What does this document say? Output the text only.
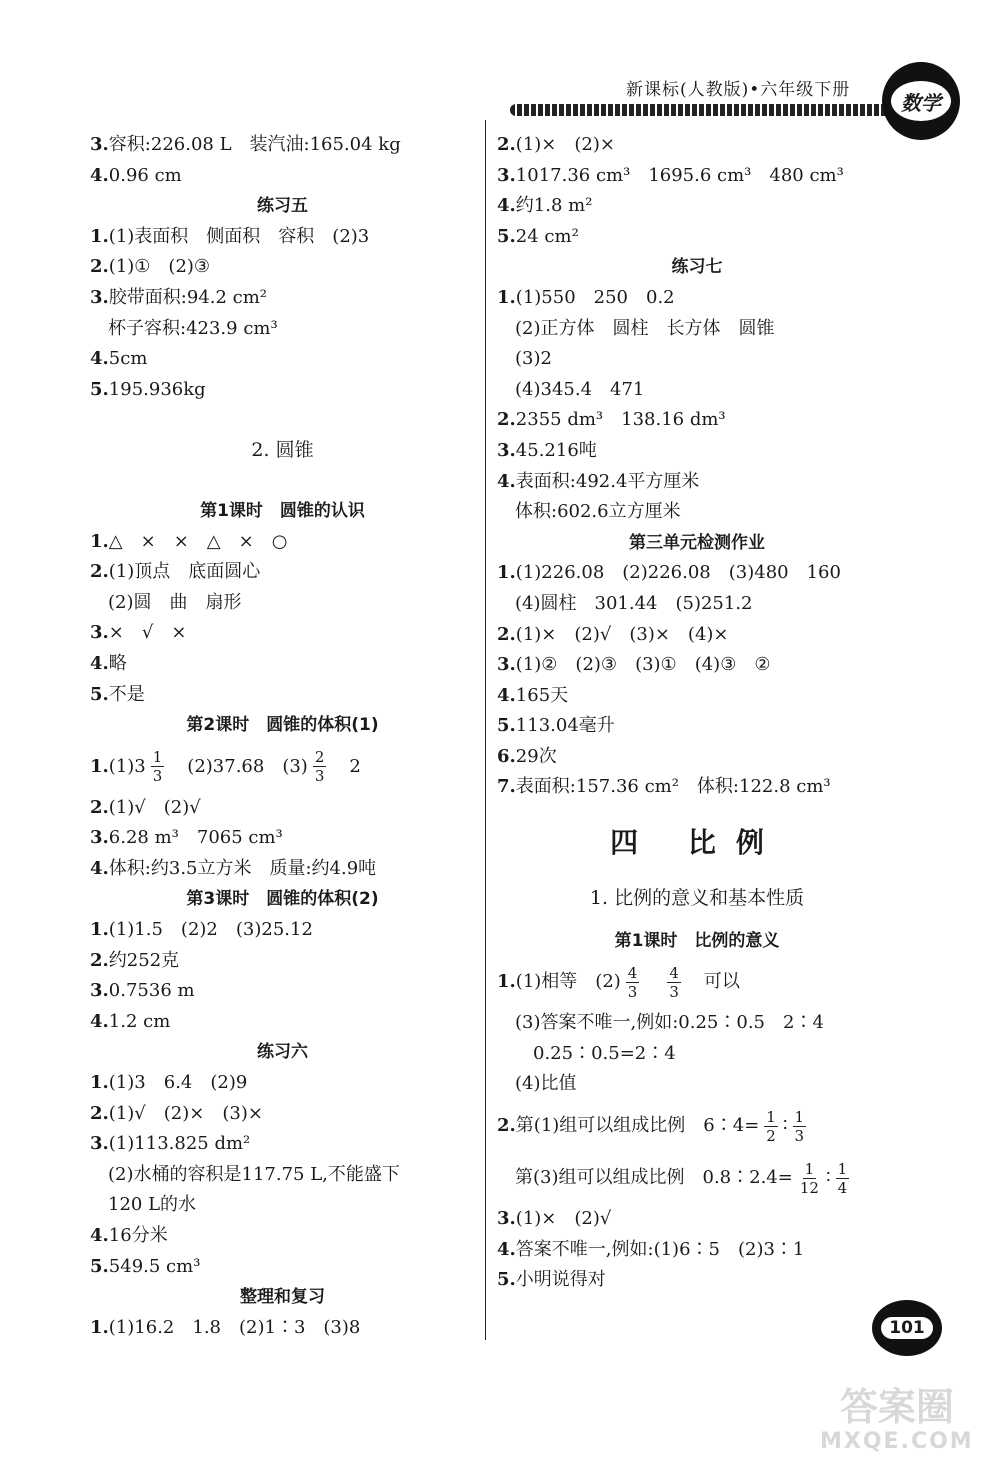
新课标(人教版)•六年级下册
数学
3.容积:226.08 L　装汽油:165.04 kg
4.0.96 cm
练习五
1.(1)表面积　侧面积　容积　(2)3
2.(1)①　(2)③
3.胶带面积:94.2 cm²
杯子容积:423.9 cm³
4.5cm
5.195.936kg
2. 圆锥
第1课时　圆锥的认识
1.△　×　×　△　×　○
2.(1)顶点　底面圆心
(2)圆　曲　扇形
3.×　√　×
4.略
5.不是
第2课时　圆锥的体积(1)
$1.(1)3 \frac{1}{3}$ 　(2)37.68　$(3) \frac{2}{3}$ 　2
2.(1)√　(2)√
3.6.28 m³　7065 cm³
4.体积:约3.5立方米　质量:约4.9吨
第3课时　圆锥的体积(2)
1.(1)1.5　(2)2　(3)25.12
2.约252克
3.0.7536 m
4.1.2 cm
练习六
1.(1)3　6.4　(2)9
2.(1)√　(2)×　(3)×
3.(1)113.825 dm²
(2)水桶的容积是117.75 L,不能盛下
120 L的水
4.16分米
5.549.5 cm³
整理和复习
1.(1)16.2　1.8　(2)1∶3　(3)8
2.(1)×　(2)×
3.1017.36 cm³　1695.6 cm³　480 cm³
4.约1.8 m²
5.24 cm²
练习七
1.(1)550　250　0.2
(2)正方体　圆柱　长方体　圆锥
(3)2
(4)345.4　471
2.2355 dm³　138.16 dm³
3.45.216吨
4.表面积:492.4平方厘米
体积:602.6立方厘米
第三单元检测作业
1.(1)226.08　(2)226.08　(3)480　160
(4)圆柱　301.44　(5)251.2
2.(1)×　(2)√　(3)×　(4)×
3.(1)②　(2)③　(3)①　(4)③　②
4.165天
5.113.04毫升
6.29次
7.表面积:157.36 cm²　体积:122.8 cm³
四 比例
1. 比例的意义和基本性质
第1课时　比例的意义
1.(1)相等　$(2) \frac{4}{3}$
　 $\frac{4}{3}$ 　可以
(3)答案不唯一,例如:0.25∶0.5　2∶4
　0.25∶0.5=2∶4
(4)比值
2.第(1)组可以组成比例　6∶4= $\frac{1}{2}$ ∶ $\frac{1}{3}$
第(3)组可以组成比例　0.8∶2.4= $\frac{1}{12}$ ∶ $\frac{1}{4}$
3.(1)×　(2)√
4.答案不唯一,例如:(1)6∶5　(2)3∶1
5.小明说得对
101
答案圈
MXQE.COM
